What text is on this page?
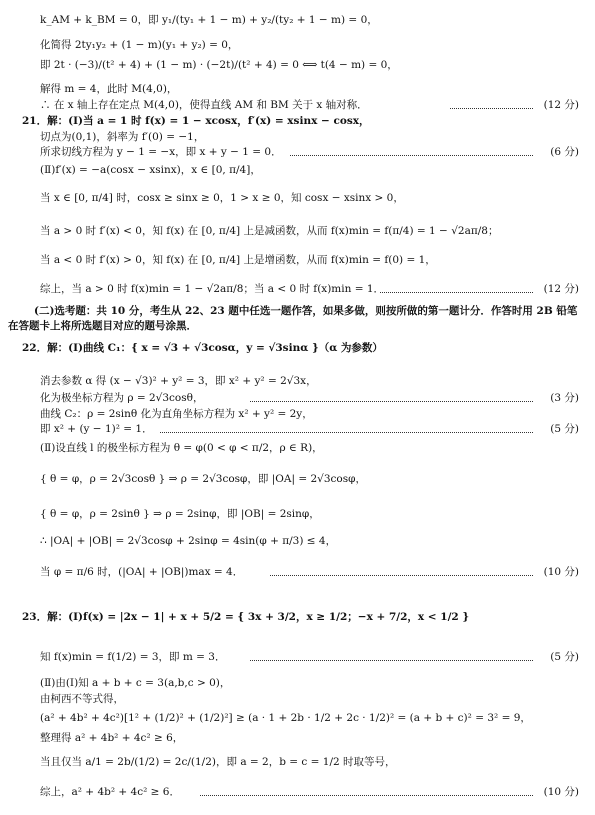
k_AM + k_BM = 0，即 y₁/(ty₁ + 1 − m) + y₂/(ty₂ + 1 − m) = 0，
化简得 2ty₁y₂ + (1 − m)(y₁ + y₂) = 0，
即 2t · (−3)/(t² + 4) + (1 − m) · (−2t)/(t² + 4) = 0 ⟺ t(4 − m) = 0，
解得 m = 4，此时 M(4,0)，
∴ 在 x 轴上存在定点 M(4,0)，使得直线 AM 和 BM 关于 x 轴对称．
21．解：(Ⅰ)当 a = 1 时 f(x) = 1 − xcosx，f′(x) = xsinx − cosx，
切点为(0,1)，斜率为 f′(0) = −1，
所求切线方程为 y − 1 = −x，即 x + y − 1 = 0．
(Ⅱ)f′(x) = −a(cosx − xsinx)，x ∈ [0, π/4]，
当 x ∈ [0, π/4] 时，cosx ≥ sinx ≥ 0，1 > x ≥ 0，知 cosx − xsinx > 0，
当 a > 0 时 f′(x) < 0，知 f(x) 在 [0, π/4] 上是减函数，从而 f(x)min = f(π/4) = 1 − √2aπ/8；
当 a < 0 时 f′(x) > 0，知 f(x) 在 [0, π/4] 上是增函数，从而 f(x)min = f(0) = 1，
综上，当 a > 0 时 f(x)min = 1 − √2aπ/8；当 a < 0 时 f(x)min = 1．
(二)选考题：共 10 分，考生从 22、23 题中任选一题作答，如果多做，则按所做的第一题计分．作答时用 2B 铅笔
在答题卡上将所选题目对应的题号涂黑．
22．解：(Ⅰ)曲线 C₁：{ x = √3 + √3cosα，y = √3sinα }（α 为参数）
消去参数 α 得 (x − √3)² + y² = 3，即 x² + y² = 2√3x，
化为极坐标方程为 ρ = 2√3cosθ，
曲线 C₂：ρ = 2sinθ 化为直角坐标方程为 x² + y² = 2y，
即 x² + (y − 1)² = 1．
(Ⅱ)设直线 l 的极坐标方程为 θ = φ(0 < φ < π/2，ρ ∈ R)，
{ θ = φ，ρ = 2√3cosθ } ⇒ ρ = 2√3cosφ，即 |OA| = 2√3cosφ，
{ θ = φ，ρ = 2sinθ } ⇒ ρ = 2sinφ，即 |OB| = 2sinφ，
∴ |OA| + |OB| = 2√3cosφ + 2sinφ = 4sin(φ + π/3) ≤ 4，
当 φ = π/6 时，(|OA| + |OB|)max = 4．
23．解：(Ⅰ)f(x) = |2x − 1| + x + 5/2 = { 3x + 3/2，x ≥ 1/2；−x + 7/2，x < 1/2 }
知 f(x)min = f(1/2) = 3，即 m = 3．
(Ⅱ)由(Ⅰ)知 a + b + c = 3(a,b,c > 0)，
由柯西不等式得，
(a² + 4b² + 4c²)[1² + (1/2)² + (1/2)²] ≥ (a · 1 + 2b · 1/2 + 2c · 1/2)² = (a + b + c)² = 3² = 9，
整理得 a² + 4b² + 4c² ≥ 6，
当且仅当 a/1 = 2b/(1/2) = 2c/(1/2)，即 a = 2，b = c = 1/2 时取等号，
综上，a² + 4b² + 4c² ≥ 6．
(12 分)
(6 分)
(12 分)
(3 分)
(5 分)
(10 分)
(5 分)
(10 分)
